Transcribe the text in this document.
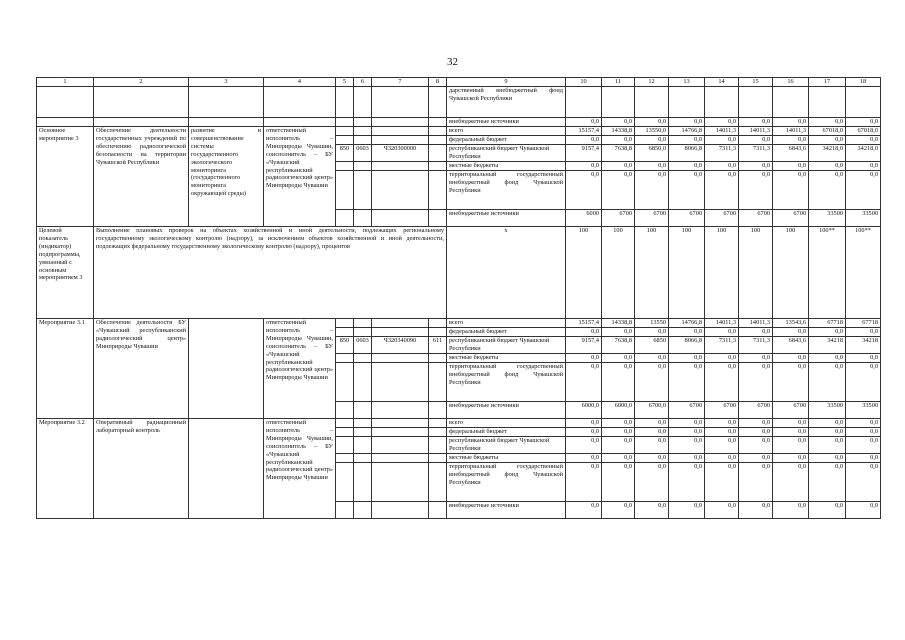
32
1	2	3	4	5	6	7	8	9	10	11	12	13	14	15	16	17	18
								дарственный внебюджетный фонд Чувашской Республики									
								внебюджетные источники	0,0	0,0	0,0	0,0	0,0	0,0	0,0	0,0	0,0
Основное мероприятие 3	Обеспечение деятельности государственных учреждений по обеспечению радиологической безопасности на территории Чувашской Республики	развитие и совершенствование системы государственного экологического мониторинга (государственного мониторинга окружающей среды)	ответственный исполнитель – Минприроды Чувашии, соисполнитель – БУ «Чувашский республиканский радиологический центр» Минприроды Чувашии					всего	15157,4	14338,8	13550,0	14766,8	14011,3	14011,3	14011,3	67018,0	67018,0
								федеральный бюджет	0,0	0,0	0,0	0,0	0,0	0,0	0,0	0,0	0,0
				850	0603	Ч320300000		республиканский бюджет Чувашской Республики	9157,4	7638,8	6850,0	8066,8	7311,3	7311,3	6843,6	34218,0	34218,0
								местные бюджеты	0,0	0,0	0,0	0,0	0,0	0,0	0,0	0,0	0,0
								территориальный государственный внебюджетный фонд Чувашской Республики	0,0	0,0	0,0	0,0	0,0	0,0	0,0	0,0	0,0
								внебюджетные источники	6000	6700	6700	6700	6700	6700	6700	33500	33500
Целевой показатель (индикатор) подпрограммы, увязанный с основным мероприятием 3	Выполнение плановых проверок на объектах хозяйственной и иной деятельности, подлежащих региональному государственному экологическому контролю (надзору), за исключением объектов хозяйственной и иной деятельности, подлежащих федеральному государственному экологическому контролю (надзору), процентов							x	100	100	100	100	100	100	100	100**	100**
Мероприятие 3.1	Обеспечение деятельности БУ «Чувашский республиканский радиологический центр» Минприроды Чувашии		ответственный исполнитель – Минприроды Чувашии, соисполнитель – БУ «Чувашский республиканский радиологический центр» Минприроды Чувашии					всего	15157,4	14338,8	13550	14766,8	14011,3	14011,3	13543,6	67718	67718
								федеральный бюджет	0,0	0,0	0,0	0,0	0,0	0,0	0,0	0,0	0,0
				850	0603	Ч320340090	611	республиканский бюджет Чувашской Республики	9157,4	7638,8	6850	8066,8	7311,3	7311,3	6843,6	34218	34218
								местные бюджеты	0,0	0,0	0,0	0,0	0,0	0,0	0,0	0,0	0,0
								территориальный государственный внебюджетный фонд Чувашской Республики	0,0	0,0	0,0	0,0	0,0	0,0	0,0	0,0	0,0
								внебюджетные источники	6000,0	6000,0	6700,0	6700	6700	6700	6700	33500	33500
Мероприятие 3.2	Оперативный радиационный лабораторный контроль		ответственный исполнитель – Минприроды Чувашии, соисполнитель – БУ «Чувашский республиканский радиологический центр» Минприроды Чувашии					всего	0,0	0,0	0,0	0,0	0,0	0,0	0,0	0,0	0,0
								федеральный бюджет	0,0	0,0	0,0	0,0	0,0	0,0	0,0	0,0	0,0
								республиканский бюджет Чувашской Республики	0,0	0,0	0,0	0,0	0,0	0,0	0,0	0,0	0,0
								местные бюджеты	0,0	0,0	0,0	0,0	0,0	0,0	0,0	0,0	0,0
								территориальный государственный внебюджетный фонд Чувашской Республики	0,0	0,0	0,0	0,0	0,0	0,0	0,0	0,0	0,0
								внебюджетные источники	0,0	0,0	0,0	0,0	0,0	0,0	0,0	0,0	0,0
